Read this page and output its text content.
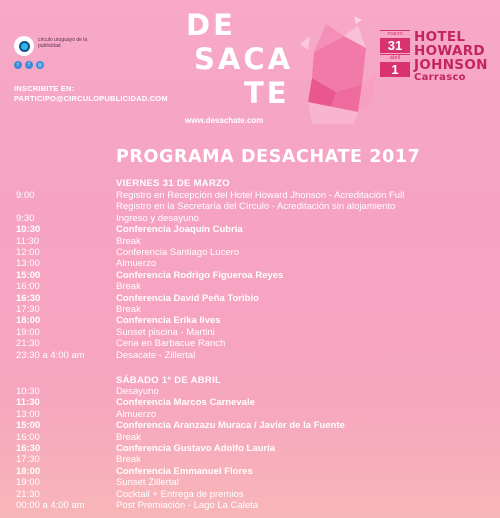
círculo uruguayo de la publicidad
t	f	◎
INSCRIBITE EN:
PARTICIPO@CIRCULOPUBLICIDAD.COM
DE
SACA
TE
www.desachate.com
marzo
31
abril
1
HOTEL
HOWARD
JOHNSON
Carrasco
PROGRAMA DESACHATE 2017
VIERNES 31 DE MARZO
9:00	Registro en Recepción del Hotel Howard Jhonson - Acreditación Full
Registro en la Secretaría del Círculo - Acreditación sin alojamiento
9:30	Ingreso y desayuno
10:30	Conferencia Joaquín Cubría
11:30	Break
12:00	Conferencia Santiago Lucero
13:00	Almuerzo
15:00	Conferencia Rodrigo Figueroa Reyes
16:00	Break
16:30	Conferencia David Peña Toribio
17:30	Break
18:00	Conferencia Erika Iives
19:00	Sunset piscina - Martini
21:30	Cena en Barbacue Ranch
23:30 a 4:00 am	Desacate - Zillertal
SÁBADO 1º DE ABRIL
10:30	Desayuno
11:30	Conferencia Marcos Carnevale
13:00	Almuerzo
15:00	Conferencia Aranzazu Muraca / Javier de la Fuente
16:00	Break
16:30	Conferencia Gustavo Adolfo Lauria
17:30	Break
18:00	Conferencia Emmanuel Flores
19:00	Sunset Zillertal
21:30	Cocktail + Entrega de premios
00:00 a 4:00 am	Post Premiación - Lago La Caleta
